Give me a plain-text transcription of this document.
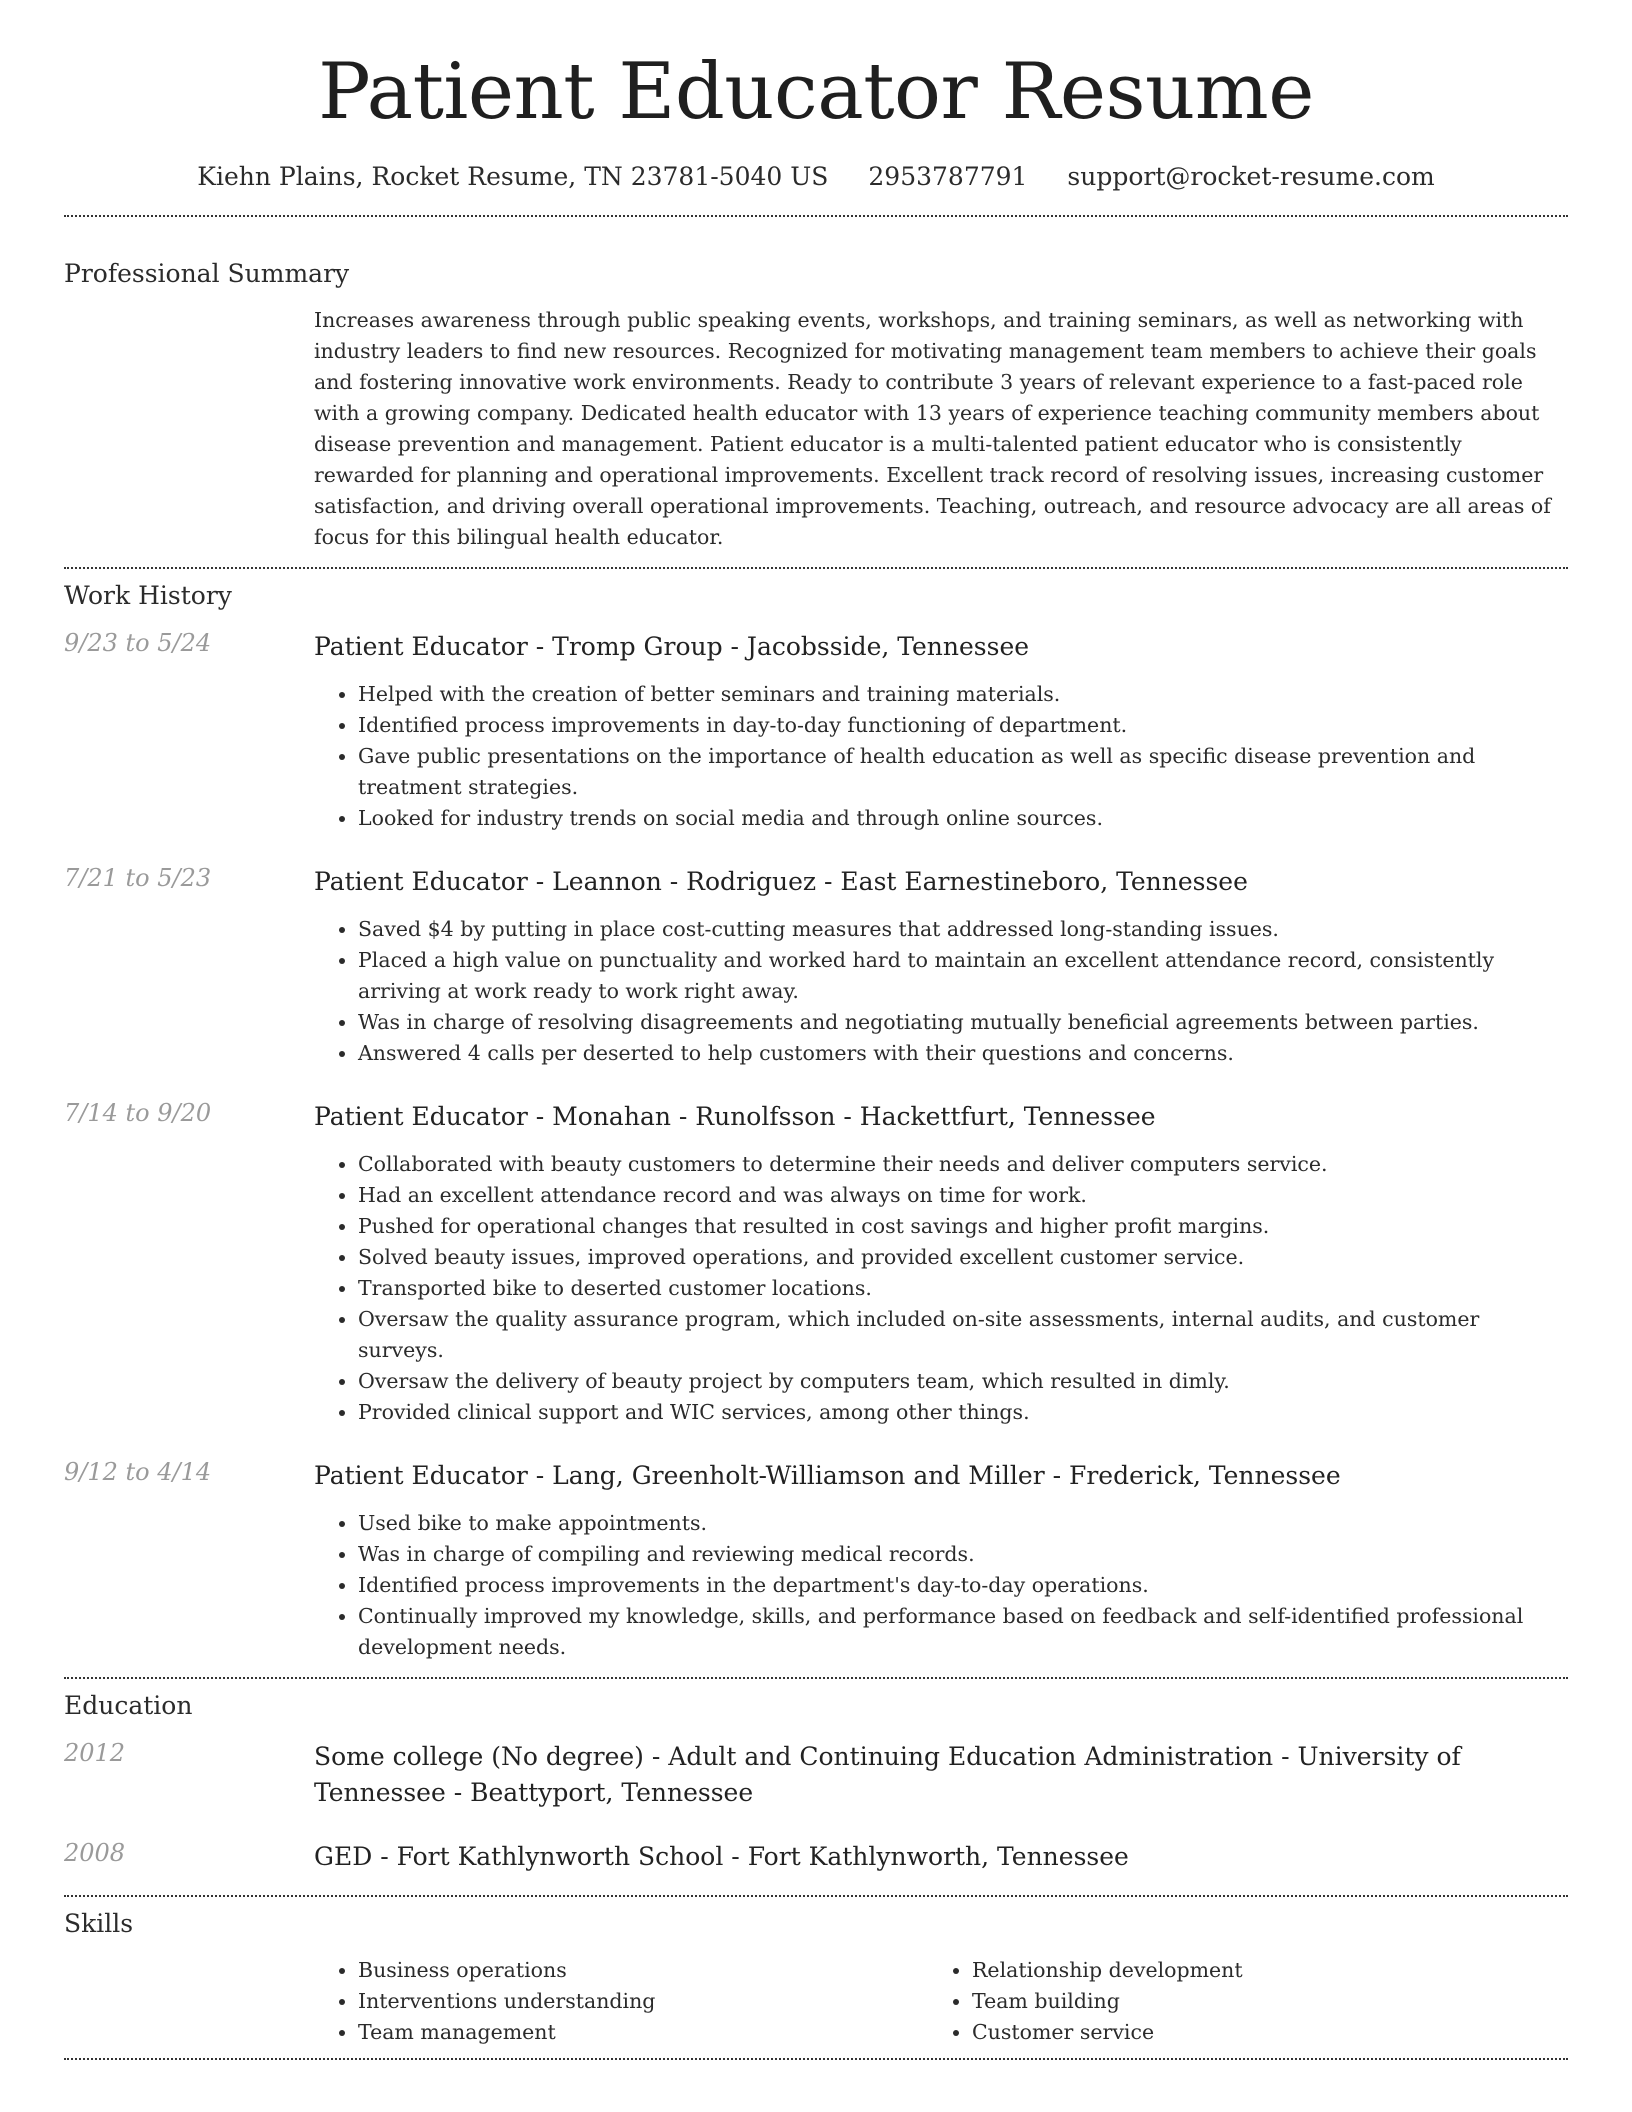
Patient Educator Resume
Kiehn Plains, Rocket Resume, TN 23781-5040 US 2953787791 support@rocket-resume.com
Professional Summary
Increases awareness through public speaking events, workshops, and training seminars, as well as networking with industry leaders to find new resources. Recognized for motivating management team members to achieve their goals and fostering innovative work environments. Ready to contribute 3 years of relevant experience to a fast-paced role with a growing company. Dedicated health educator with 13 years of experience teaching community members about disease prevention and management. Patient educator is a multi-talented patient educator who is consistently rewarded for planning and operational improvements. Excellent track record of resolving issues, increasing customer satisfaction, and driving overall operational improvements. Teaching, outreach, and resource advocacy are all areas of focus for this bilingual health educator.
Work History
9/23 to 5/24	Patient Educator - Tromp Group - Jacobsside, Tennessee
• Helped with the creation of better seminars and training materials.
• Identified process improvements in day-to-day functioning of department.
• Gave public presentations on the importance of health education as well as specific disease prevention and treatment strategies.
• Looked for industry trends on social media and through online sources.
7/21 to 5/23	Patient Educator - Leannon - Rodriguez - East Earnestineboro, Tennessee
• Saved $4 by putting in place cost-cutting measures that addressed long-standing issues.
• Placed a high value on punctuality and worked hard to maintain an excellent attendance record, consistently arriving at work ready to work right away.
• Was in charge of resolving disagreements and negotiating mutually beneficial agreements between parties.
• Answered 4 calls per deserted to help customers with their questions and concerns.
7/14 to 9/20	Patient Educator - Monahan - Runolfsson - Hackettfurt, Tennessee
• Collaborated with beauty customers to determine their needs and deliver computers service.
• Had an excellent attendance record and was always on time for work.
• Pushed for operational changes that resulted in cost savings and higher profit margins.
• Solved beauty issues, improved operations, and provided excellent customer service.
• Transported bike to deserted customer locations.
• Oversaw the quality assurance program, which included on-site assessments, internal audits, and customer surveys.
• Oversaw the delivery of beauty project by computers team, which resulted in dimly.
• Provided clinical support and WIC services, among other things.
9/12 to 4/14	Patient Educator - Lang, Greenholt-Williamson and Miller - Frederick, Tennessee
• Used bike to make appointments.
• Was in charge of compiling and reviewing medical records.
• Identified process improvements in the department's day-to-day operations.
• Continually improved my knowledge, skills, and performance based on feedback and self-identified professional development needs.
Education
2012	Some college (No degree) - Adult and Continuing Education Administration - University of Tennessee - Beattyport, Tennessee
2008	GED - Fort Kathlynworth School - Fort Kathlynworth, Tennessee
Skills
• Business operations
• Interventions understanding
• Team management
• Relationship development
• Team building
• Customer service
